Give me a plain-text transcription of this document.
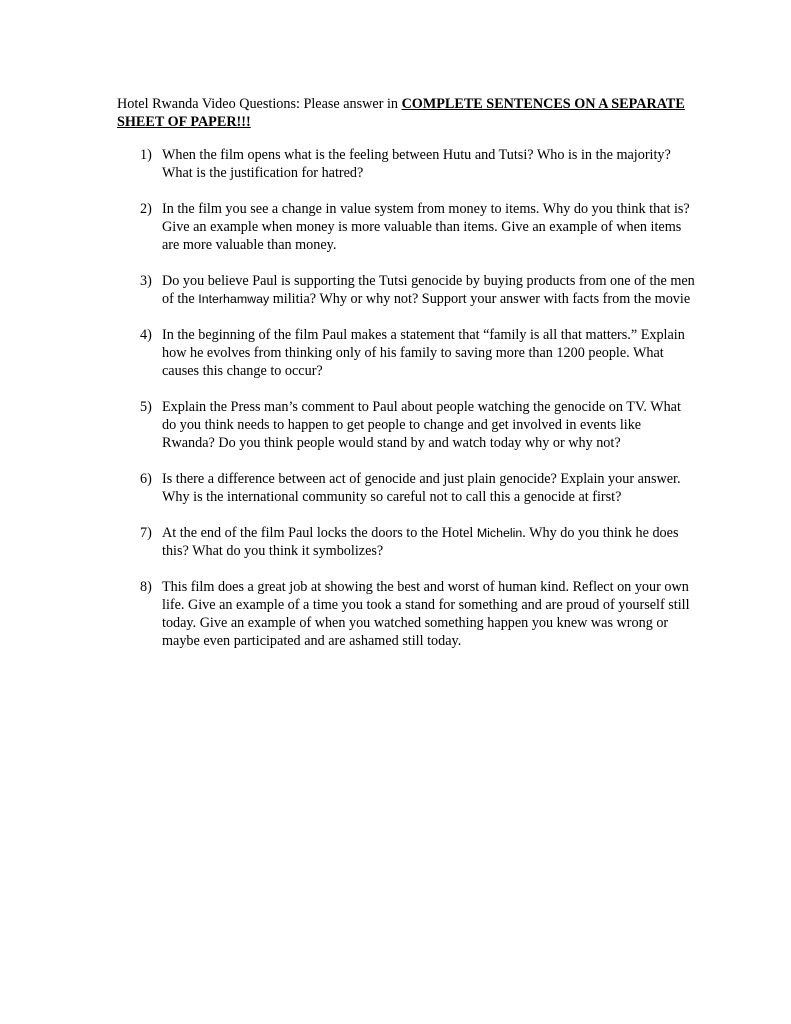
Hotel Rwanda Video Questions: Please answer in COMPLETE SENTENCES ON A SEPARATE SHEET OF PAPER!!!
1) When the film opens what is the feeling between Hutu and Tutsi? Who is in the majority? What is the justification for hatred?
2) In the film you see a change in value system from money to items. Why do you think that is? Give an example when money is more valuable than items. Give an example of when items are more valuable than money.
3) Do you believe Paul is supporting the Tutsi genocide by buying products from one of the men of the Interhamway militia? Why or why not? Support your answer with facts from the movie
4) In the beginning of the film Paul makes a statement that “family is all that matters.” Explain how he evolves from thinking only of his family to saving more than 1200 people. What causes this change to occur?
5) Explain the Press man’s comment to Paul about people watching the genocide on TV. What do you think needs to happen to get people to change and get involved in events like Rwanda? Do you think people would stand by and watch today why or why not?
6) Is there a difference between act of genocide and just plain genocide? Explain your answer. Why is the international community so careful not to call this a genocide at first?
7) At the end of the film Paul locks the doors to the Hotel Michelin. Why do you think he does this? What do you think it symbolizes?
8) This film does a great job at showing the best and worst of human kind. Reflect on your own life. Give an example of a time you took a stand for something and are proud of yourself still today. Give an example of when you watched something happen you knew was wrong or maybe even participated and are ashamed still today.
